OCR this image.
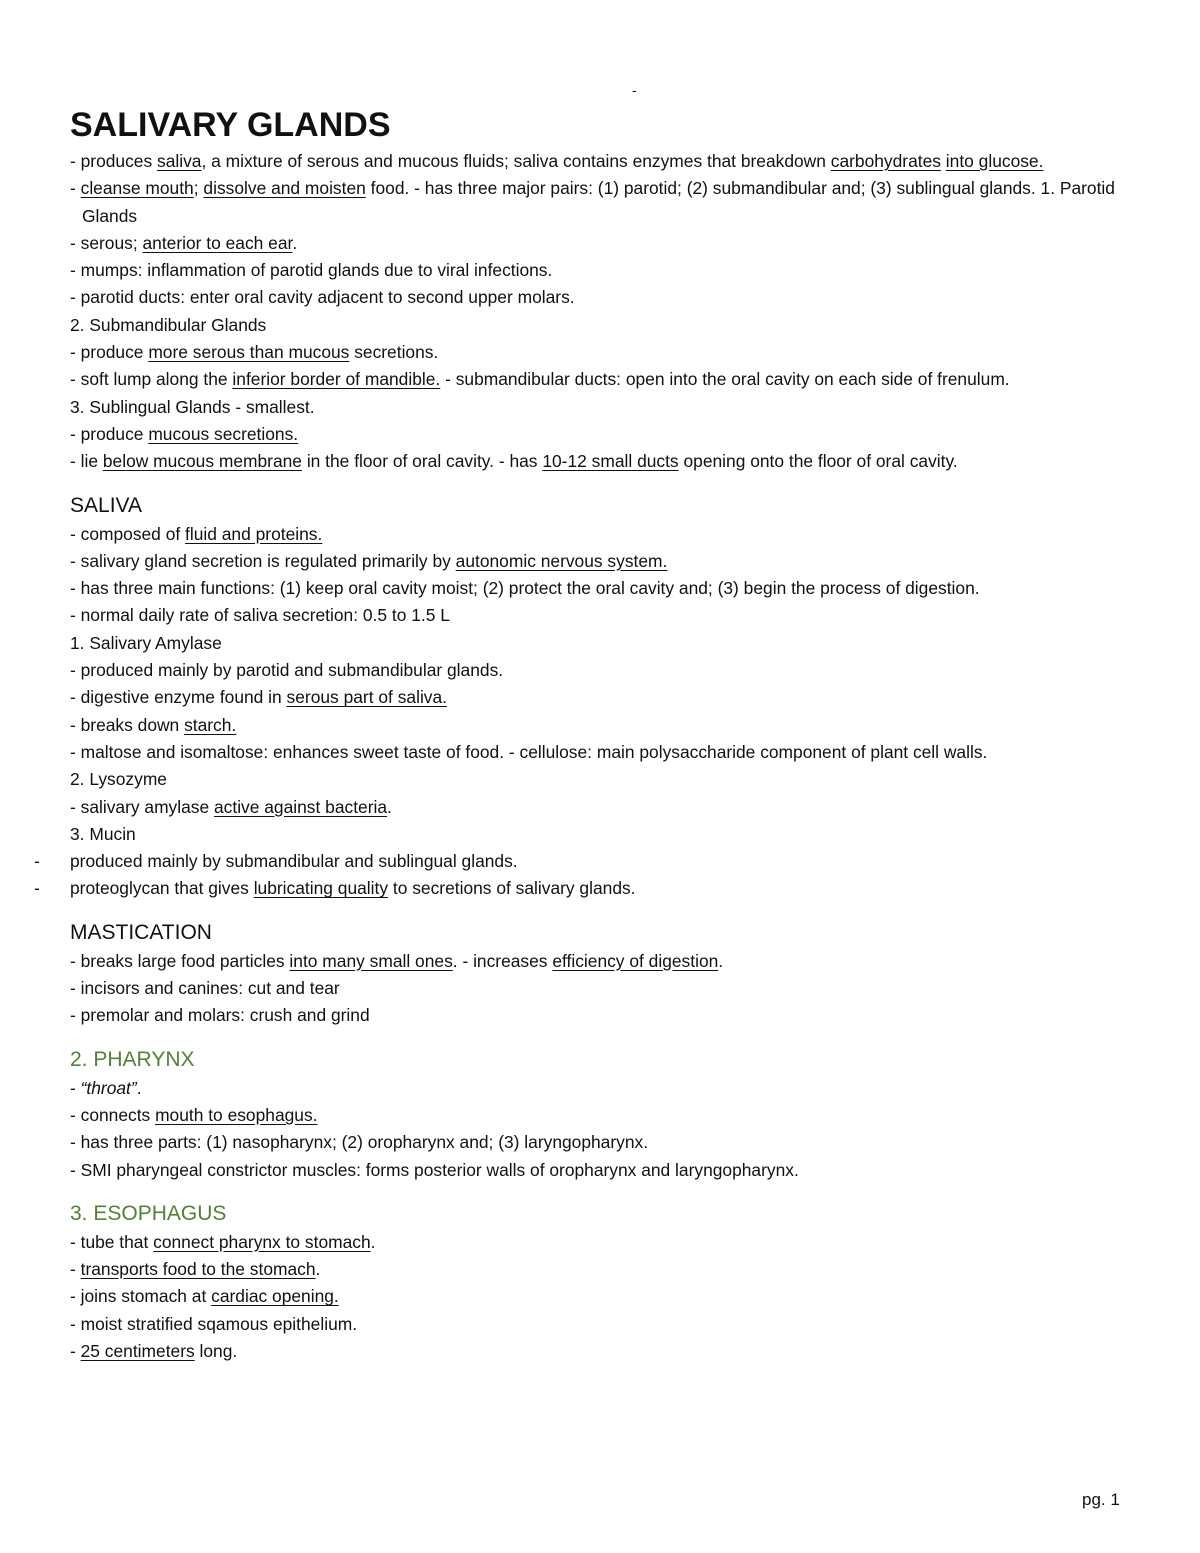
-
SALIVARY GLANDS
- produces saliva, a mixture of serous and mucous fluids; saliva contains enzymes that breakdown carbohydrates into glucose.
- cleanse mouth; dissolve and moisten food. - has three major pairs: (1) parotid; (2) submandibular and; (3) sublingual glands. 1. Parotid Glands
- serous; anterior to each ear.
- mumps: inflammation of parotid glands due to viral infections.
- parotid ducts: enter oral cavity adjacent to second upper molars.
2. Submandibular Glands
- produce more serous than mucous secretions.
- soft lump along the inferior border of mandible. - submandibular ducts: open into the oral cavity on each side of frenulum.
3. Sublingual Glands - smallest.
- produce mucous secretions.
- lie below mucous membrane in the floor of oral cavity. - has 10-12 small ducts opening onto the floor of oral cavity.
SALIVA
- composed of fluid and proteins.
- salivary gland secretion is regulated primarily by autonomic nervous system.
- has three main functions: (1) keep oral cavity moist; (2) protect the oral cavity and; (3) begin the process of digestion.
- normal daily rate of saliva secretion: 0.5 to 1.5 L
1. Salivary Amylase
- produced mainly by parotid and submandibular glands.
- digestive enzyme found in serous part of saliva.
- breaks down starch.
- maltose and isomaltose: enhances sweet taste of food. - cellulose: main polysaccharide component of plant cell walls.
2. Lysozyme
- salivary amylase active against bacteria.
3. Mucin
- produced mainly by submandibular and sublingual glands.
- proteoglycan that gives lubricating quality to secretions of salivary glands.
MASTICATION
- breaks large food particles into many small ones. - increases efficiency of digestion.
- incisors and canines: cut and tear
- premolar and molars: crush and grind
2. PHARYNX
- “throat”.
- connects mouth to esophagus.
- has three parts: (1) nasopharynx; (2) oropharynx and; (3) laryngopharynx.
- SMI pharyngeal constrictor muscles: forms posterior walls of oropharynx and laryngopharynx.
3. ESOPHAGUS
- tube that connect pharynx to stomach.
- transports food to the stomach.
- joins stomach at cardiac opening.
- moist stratified sqamous epithelium.
- 25 centimeters long.
pg. 1
